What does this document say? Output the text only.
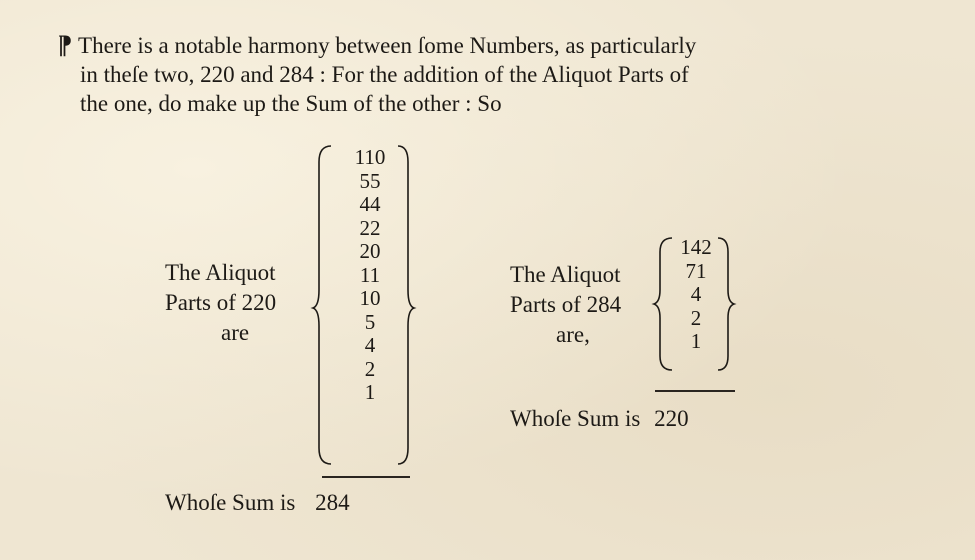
¶ There is a notable harmony between ſome Numbers, as particularly
in theſe two, 220 and 284 : For the addition of the Aliquot Parts of
the one, do make up the Sum of the other : So
The Aliquot
Parts of 220
are
110
55
44
22
20
11
10
5
4
2
1
Whoſe Sum is 284
The Aliquot
Parts of 284
are,
142
71
4
2
1
Whoſe Sum is 220
